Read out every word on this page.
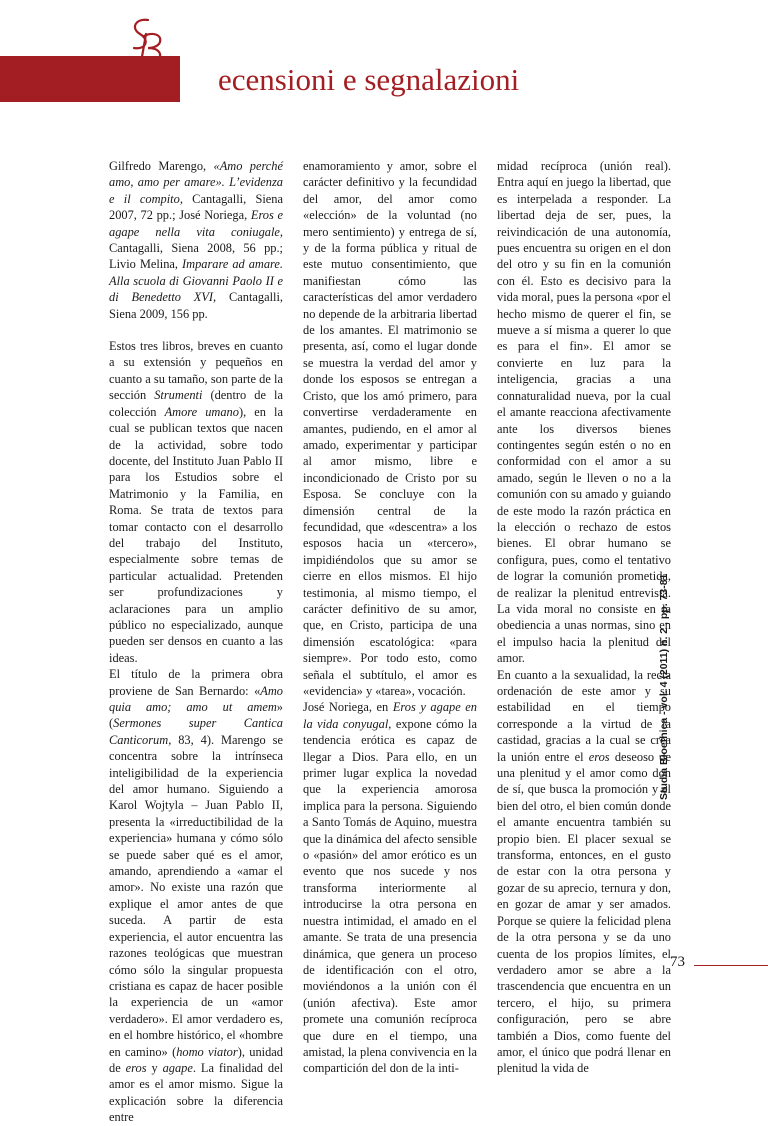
R ecensioni e segnalazioni

Gilfredo Marengo, «Amo perché amo, amo per amare». L’evidenza e il compito, Cantagalli, Siena 2007, 72 pp.; José Noriega, Eros e agape nella vita coniugale, Cantagalli, Siena 2008, 56 pp.; Livio Melina, Imparare ad amare. Alla scuola di Giovanni Paolo II e di Benedetto XVI, Cantagalli, Siena 2009, 156 pp.

Estos tres libros, breves en cuanto a su extensión y pequeños en cuanto a su tamaño, son parte de la sección Strumenti (dentro de la colección Amore umano), en la cual se publican textos que nacen de la actividad, sobre todo docente, del Instituto Juan Pablo II para los Estudios sobre el Matrimonio y la Familia, en Roma. Se trata de textos para tomar contacto con el desarrollo del trabajo del Instituto, especialmente sobre temas de particular actualidad. Pretenden ser profundizaciones y aclaraciones para un amplio público no especializado, aunque pueden ser densos en cuanto a las ideas.

El título de la primera obra proviene de San Bernardo: «Amo quia amo; amo ut amem» (Sermones super Cantica Canticorum, 83, 4). Marengo se concentra sobre la intrínseca inteligibilidad de la experiencia del amor humano. Siguiendo a Karol Wojtyla – Juan Pablo II, presenta la «irreductibilidad de la experiencia» humana y cómo sólo se puede saber qué es el amor, amando, aprendiendo a «amar el amor». No existe una razón que explique el amor antes de que suceda. A partir de esta experiencia, el autor encuentra las razones teológicas que muestran cómo sólo la singular propuesta cristiana es capaz de hacer posible la experiencia de un «amor verdadero». El amor verdadero es, en el hombre histórico, el «hombre en camino» (homo viator), unidad de eros y agape. La finalidad del amor es el amor mismo. Sigue la explicación sobre la diferencia entre

enamoramiento y amor, sobre el carácter definitivo y la fecundidad del amor, del amor como «elección» de la voluntad (no mero sentimiento) y entrega de sí, y de la forma pública y ritual de este mutuo consentimiento, que manifiestan cómo las características del amor verdadero no depende de la arbitraria libertad de los amantes. El matrimonio se presenta, así, como el lugar donde se muestra la verdad del amor y donde los esposos se entregan a Cristo, que los amó primero, para convertirse verdaderamente en amantes, pudiendo, en el amor al amado, experimentar y participar al amor mismo, libre e incondicionado de Cristo por su Esposa. Se concluye con la dimensión central de la fecundidad, que «descentra» a los esposos hacia un «tercero», impidiéndolos que su amor se cierre en ellos mismos. El hijo testimonia, al mismo tiempo, el carácter definitivo de su amor, que, en Cristo, participa de una dimensión escatológica: «para siempre». Por todo esto, como señala el subtítulo, el amor es «evidencia» y «tarea», vocación.

José Noriega, en Eros y agape en la vida conyugal, expone cómo la tendencia erótica es capaz de llegar a Dios. Para ello, en un primer lugar explica la novedad que la experiencia amorosa implica para la persona. Siguiendo a Santo Tomás de Aquino, muestra que la dinámica del afecto sensible o «pasión» del amor erótico es un evento que nos sucede y nos transforma interiormente al introducirse la otra persona en nuestra intimidad, el amado en el amante. Se trata de una presencia dinámica, que genera un proceso de identificación con el otro, moviéndonos a la unión con él (unión afectiva). Este amor promete una comunión recíproca que dure en el tiempo, una amistad, la plena convivencia en la compartición del don de la inti-

midad recíproca (unión real). Entra aquí en juego la libertad, que es interpelada a responder. La libertad deja de ser, pues, la reivindicación de una autonomía, pues encuentra su origen en el don del otro y su fin en la comunión con él. Esto es decisivo para la vida moral, pues la persona «por el hecho mismo de querer el fin, se mueve a sí misma a querer lo que es para el fin». El amor se convierte en luz para la inteligencia, gracias a una connaturalidad nueva, por la cual el amante reacciona afectivamente ante los diversos bienes contingentes según estén o no en conformidad con el amor a su amado, según le lleven o no a la comunión con su amado y guiando de este modo la razón práctica en la elección o rechazo de estos bienes. El obrar humano se configura, pues, como el tentativo de lograr la comunión prometida, de realizar la plenitud entrevista. La vida moral no consiste en la obediencia a unas normas, sino en el impulso hacia la plenitud del amor.

En cuanto a la sexualidad, la recta ordenación de este amor y su estabilidad en el tiempo corresponde a la virtud de la castidad, gracias a la cual se crea la unión entre el eros deseoso de una plenitud y el amor como don de sí, que busca la promoción y el bien del otro, el bien común donde el amante encuentra también su propio bien. El placer sexual se transforma, entonces, en el gusto de estar con la otra persona y gozar de su aprecio, ternura y don, en gozar de amar y ser amados. Porque se quiere la felicidad plena de la otra persona y se da uno cuenta de los propios límites, el verdadero amor se abre a la trascendencia que encuentra en un tercero, el hijo, su primera configuración, pero se abre también a Dios, como fuente del amor, el único que podrá llenar en plenitud la vida de

Studia Bioethica - vol. 4 (2011) n. 2 , pp. 73-81
73
